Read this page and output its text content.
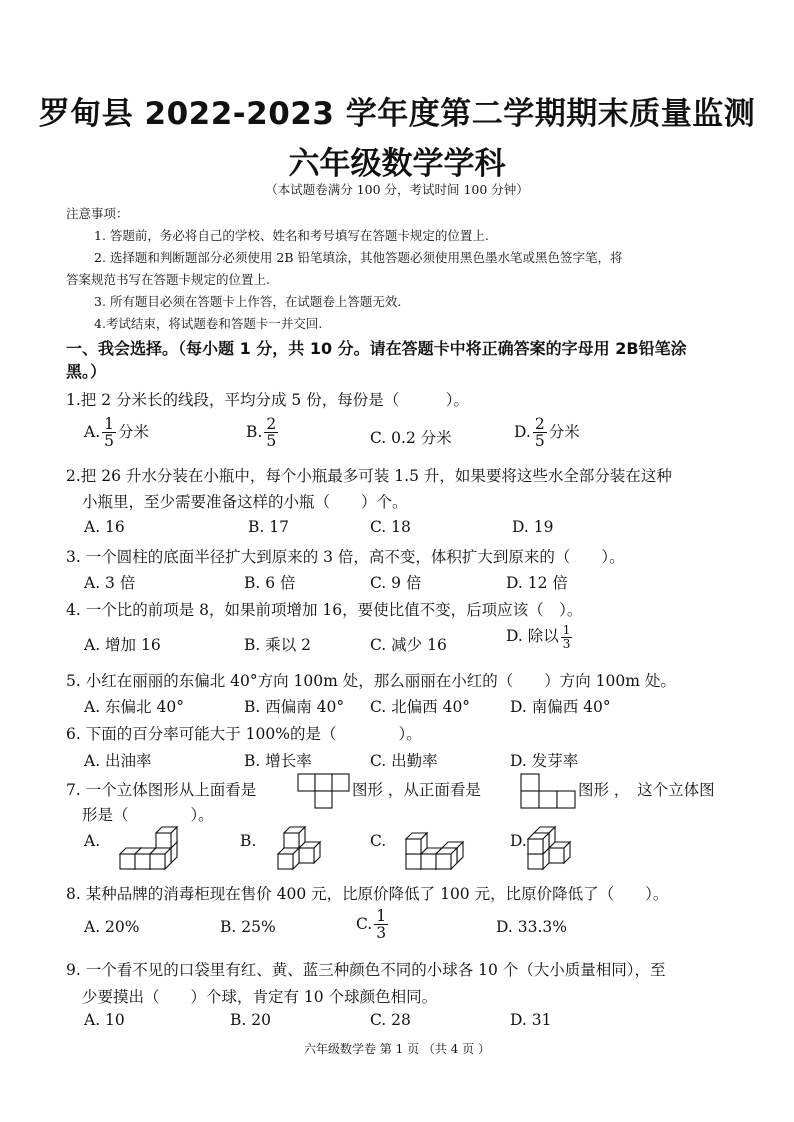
罗甸县 2022-2023 学年度第二学期期末质量监测
六年级数学学科
（本试题卷满分 100 分，考试时间 100 分钟）
注意事项：
1. 答题前，务必将自己的学校、姓名和考号填写在答题卡规定的位置上.
2. 选择题和判断题部分必须使用 2B 铅笔填涂，其他答题必须使用黑色墨水笔或黑色签字笔，将
答案规范书写在答题卡规定的位置上.
3. 所有题目必须在答题卡上作答，在试题卷上答题无效.
4.考试结束，将试题卷和答题卡一并交回.
一、我会选择。（每小题 1 分，共 10 分。请在答题卡中将正确答案的字母用 2B铅笔涂
黑。）
1.把 2 分米长的线段，平均分成 5 份，每份是（　　　）。
A. $\frac{1}{5}$ 分米	B. $\frac{2}{5}$	C. 0.2 分米	D. $\frac{2}{5}$ 分米
2.把 26 升水分装在小瓶中，每个小瓶最多可装 1.5 升，如果要将这些水全部分装在这种
小瓶里，至少需要准备这样的小瓶（　　）个。
A. 16	B. 17	C. 18	D. 19
3. 一个圆柱的底面半径扩大到原来的 3 倍，高不变，体积扩大到原来的（　　）。
A. 3 倍	B. 6 倍	C. 9 倍	D. 12 倍
4. 一个比的前项是 8，如果前项增加 16，要使比值不变，后项应该（　）。
A. 增加 16	B. 乘以 2	C. 减少 16	D. 除以 $\frac{1}{3}$
5. 小红在丽丽的东偏北 40°方向 100m 处，那么丽丽在小红的（　　）方向 100m 处。
A. 东偏北 40°	B. 西偏南 40° C. 北偏西 40°	D. 南偏西 40°
6. 下面的百分率可能大于 100%的是（　　　　）。
A. 出油率	B. 增长率	C. 出勤率	D. 发芽率
7. 一个立体图形从上面看是	图形 ，从正面看是	图形 ，　这个立体图
形是（　　　　）。
A.	B.	C.	D.
8. 某种品牌的消毒柜现在售价 400 元，比原价降低了 100 元，比原价降低了（　　）。
A. 20%	B. 25%	C. $\frac{1}{3}$	D. 33.3%
9. 一个看不见的口袋里有红、黄、蓝三种颜色不同的小球各 10 个（大小质量相同），至
少要摸出（　　）个球，肯定有 10 个球颜色相同。
A. 10	B. 20	C. 28	D. 31
六年级数学卷 第 1 页 （共 4 页 ）
